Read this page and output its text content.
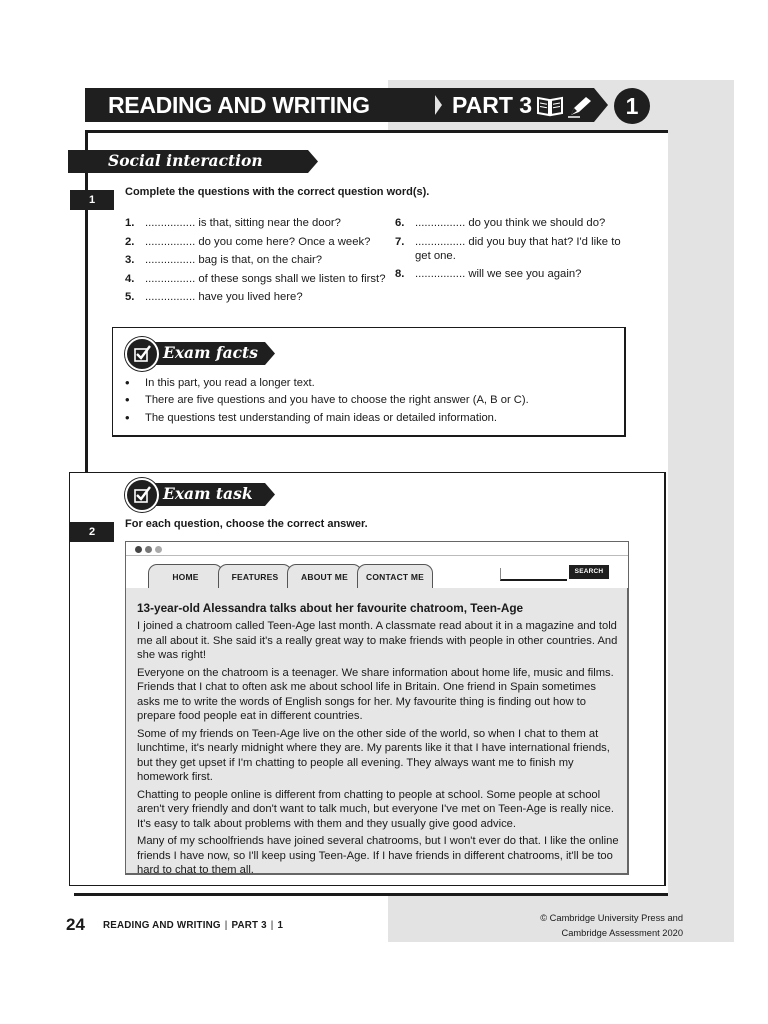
READING AND WRITING	PART 3	1
Social interaction
1
Complete the questions with the correct question word(s).
1. ................ is that, sitting near the door?
2. ................ do you come here? Once a week?
3. ................ bag is that, on the chair?
4. ................ of these songs shall we listen to first?
5. ................ have you lived here?
6. ................ do you think we should do?
7. ................ did you buy that hat? I'd like to get one.
8. ................ will we see you again?
Exam facts
• In this part, you read a longer text.
• There are five questions and you have to choose the right answer (A, B or C).
• The questions test understanding of main ideas or detailed information.
Exam task
2
For each question, choose the correct answer.
HOME	FEATURES	ABOUT ME	CONTACT ME
SEARCH
13-year-old Alessandra talks about her favourite chatroom, Teen-Age

I joined a chatroom called Teen-Age last month. A classmate read about it in a magazine and told me all about it. She said it's a really great way to make friends with people in other countries. And she was right!

Everyone on the chatroom is a teenager. We share information about home life, music and films. Friends that I chat to often ask me about school life in Britain. One friend in Spain sometimes asks me to write the words of English songs for her. My favourite thing is finding out how to prepare food people eat in different countries.

Some of my friends on Teen-Age live on the other side of the world, so when I chat to them at lunchtime, it's nearly midnight where they are. My parents like it that I have international friends, but they get upset if I'm chatting to people all evening. They always want me to finish my homework first.

Chatting to people online is different from chatting to people at school. Some people at school aren't very friendly and don't want to talk much, but everyone I've met on Teen-Age is really nice. It's easy to talk about problems with them and they usually give good advice.

Many of my schoolfriends have joined several chatrooms, but I won't ever do that. I like the online friends I have now, so I'll keep using Teen-Age. If I have friends in different chatrooms, it'll be too hard to chat to them all.

24 READING AND WRITING | PART 3 | 1
© Cambridge University Press and
Cambridge Assessment 2020
